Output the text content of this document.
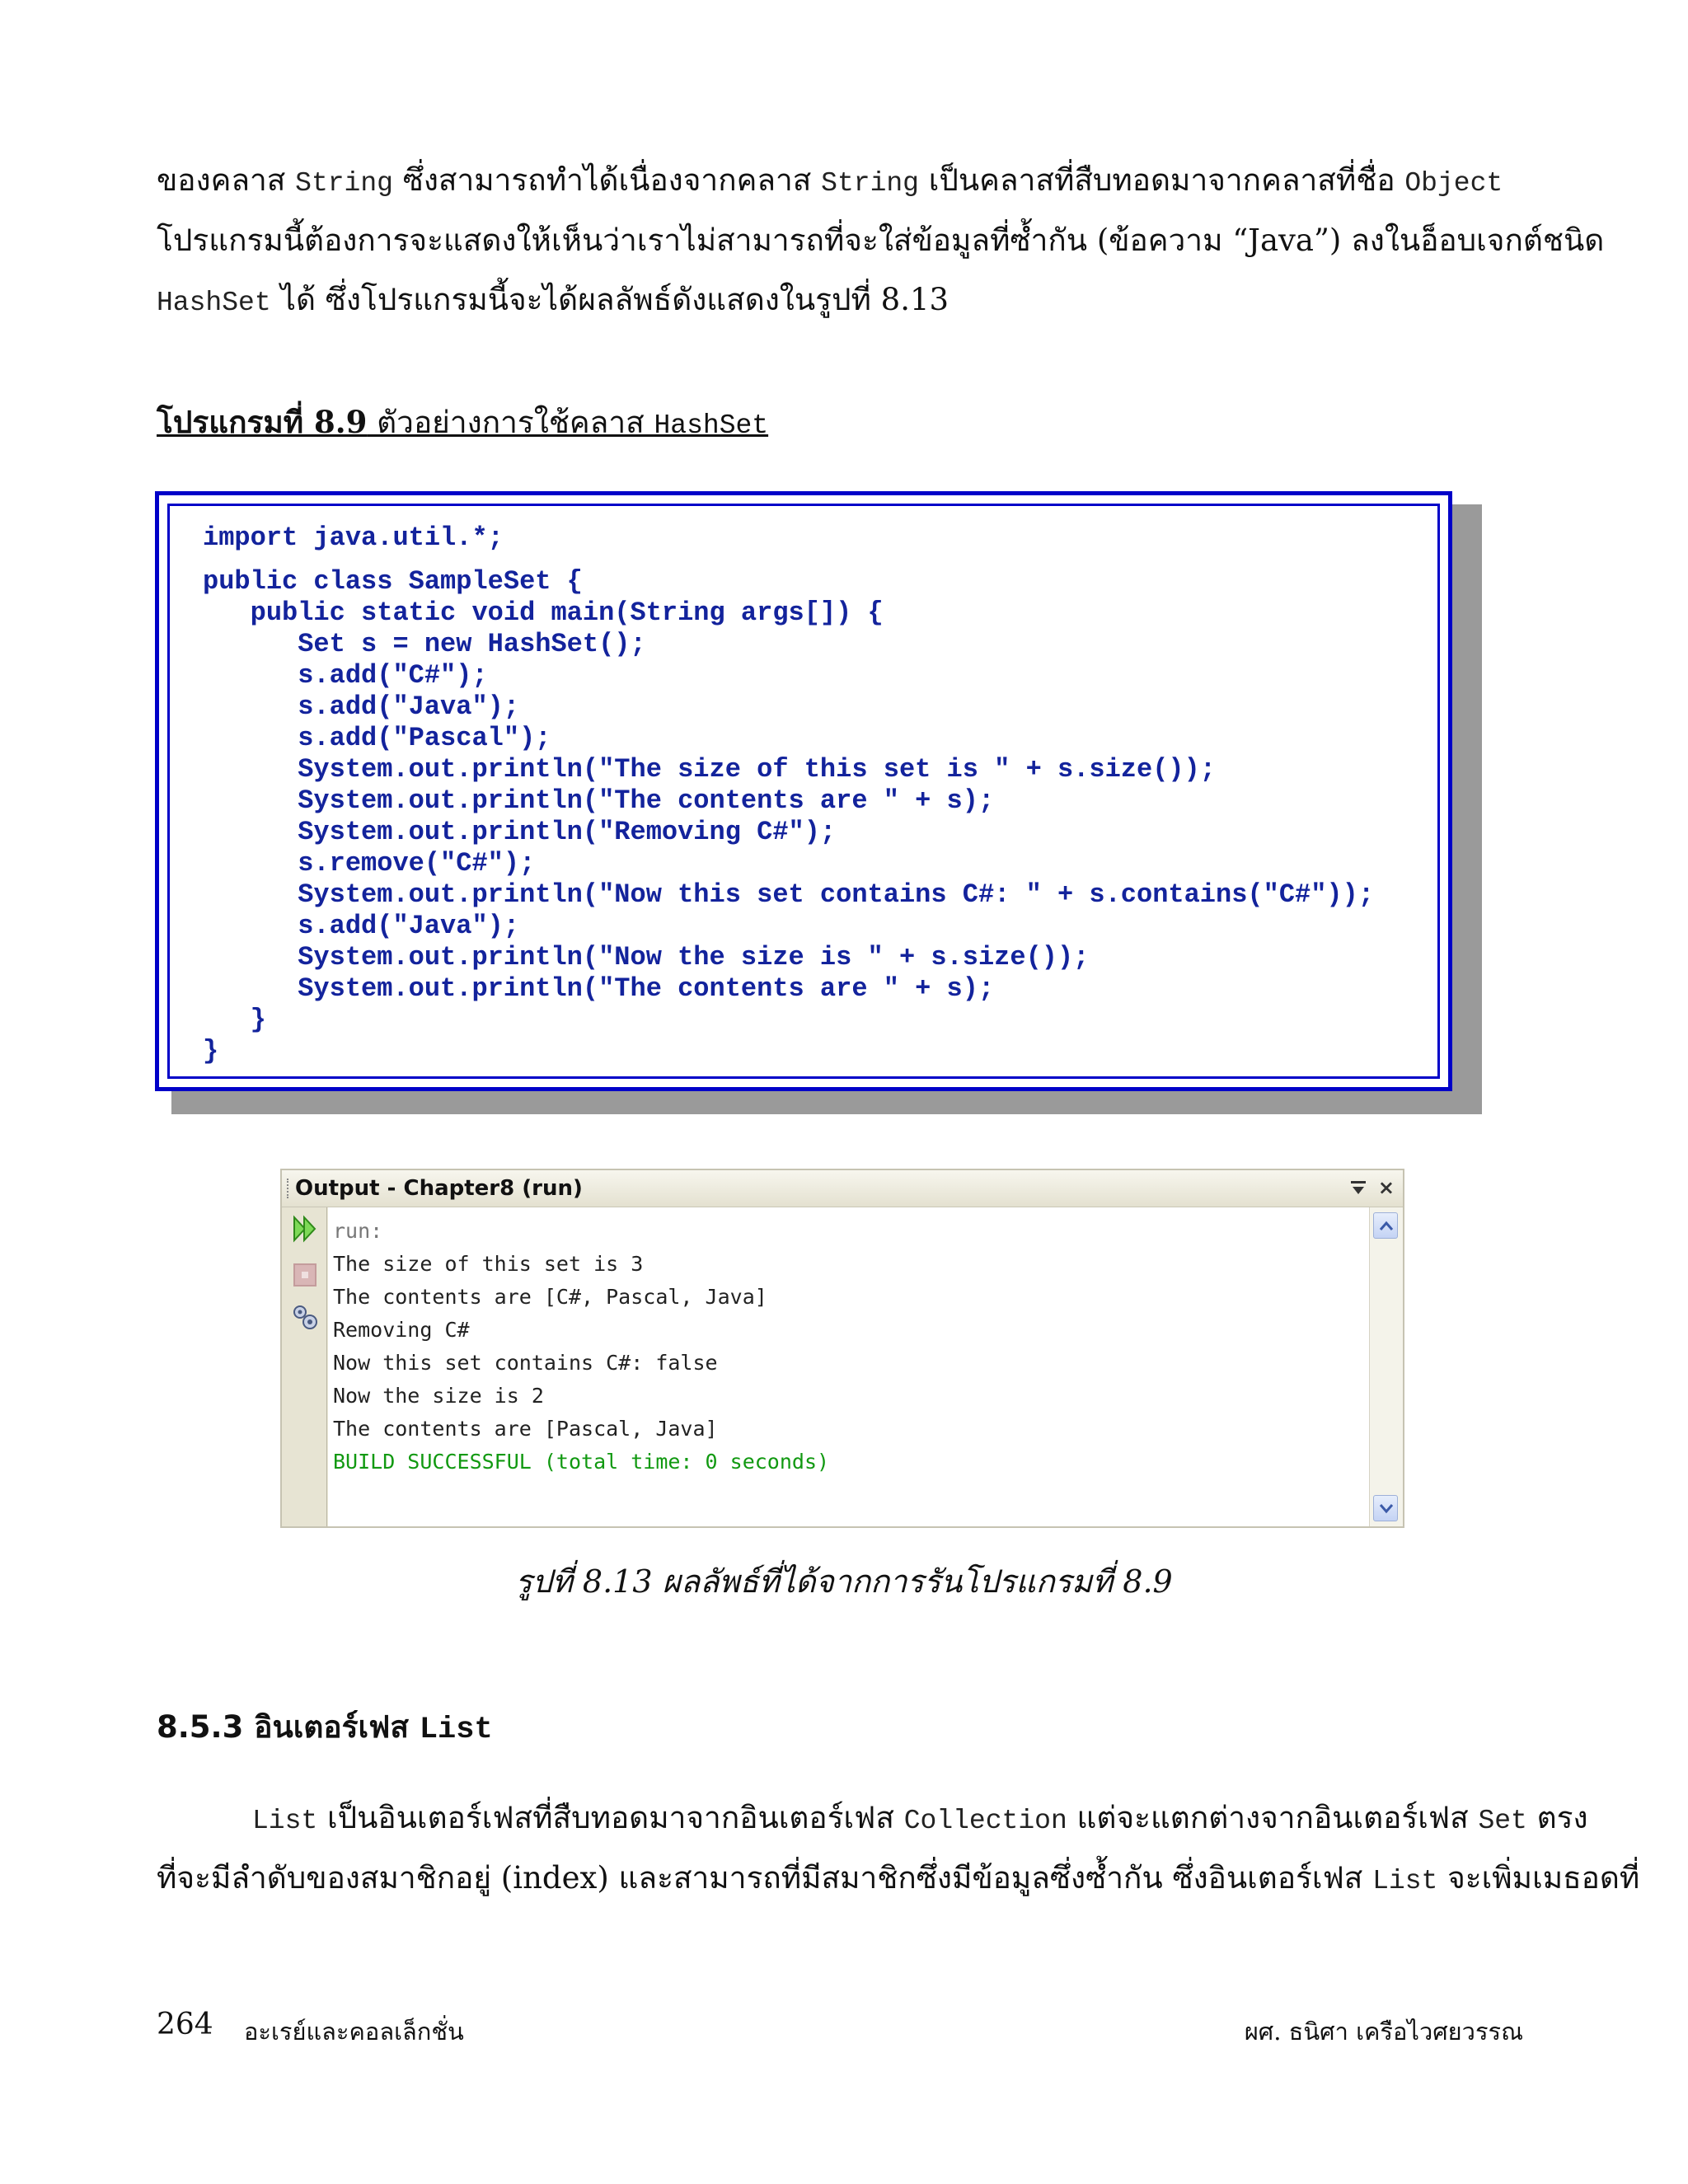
ของคลาส String ซึ่งสามารถทำได้เนื่องจากคลาส String เป็นคลาสที่สืบทอดมาจากคลาสที่ชื่อ Object
โปรแกรมนี้ต้องการจะแสดงให้เห็นว่าเราไม่สามารถที่จะใส่ข้อมูลที่ซ้ำกัน (ข้อความ “Java”) ลงในอ็อบเจกต์ชนิด
HashSet ได้ ซึ่งโปรแกรมนี้จะได้ผลลัพธ์ดังแสดงในรูปที่ 8.13
โปรแกรมที่ 8.9 ตัวอย่างการใช้คลาส HashSet
import java.util.*;
public class SampleSet {
public static void main(String args[]) {
Set s = new HashSet();
s.add("C#");
s.add("Java");
s.add("Pascal");
System.out.println("The size of this set is " + s.size());
System.out.println("The contents are " + s);
System.out.println("Removing C#");
s.remove("C#");
System.out.println("Now this set contains C#: " + s.contains("C#"));
s.add("Java");
System.out.println("Now the size is " + s.size());
System.out.println("The contents are " + s);
}
}
Output - Chapter8 (run)	×
run:
The size of this set is 3
The contents are [C#, Pascal, Java]
Removing C#
Now this set contains C#: false
Now the size is 2
The contents are [Pascal, Java]
BUILD SUCCESSFUL (total time: 0 seconds)
รูปที่ 8.13 ผลลัพธ์ที่ได้จากการรันโปรแกรมที่ 8.9
8.5.3 อินเตอร์เฟส List
List เป็นอินเตอร์เฟสที่สืบทอดมาจากอินเตอร์เฟส Collection แต่จะแตกต่างจากอินเตอร์เฟส Set ตรง
ที่จะมีลำดับของสมาชิกอยู่ (index) และสามารถที่มีสมาชิกซึ่งมีข้อมูลซึ่งซ้ำกัน ซึ่งอินเตอร์เฟส List จะเพิ่มเมธอดที่
264 อะเรย์และคอลเล็กชั่น	ผศ. ธนิศา เครือไวศยวรรณ
